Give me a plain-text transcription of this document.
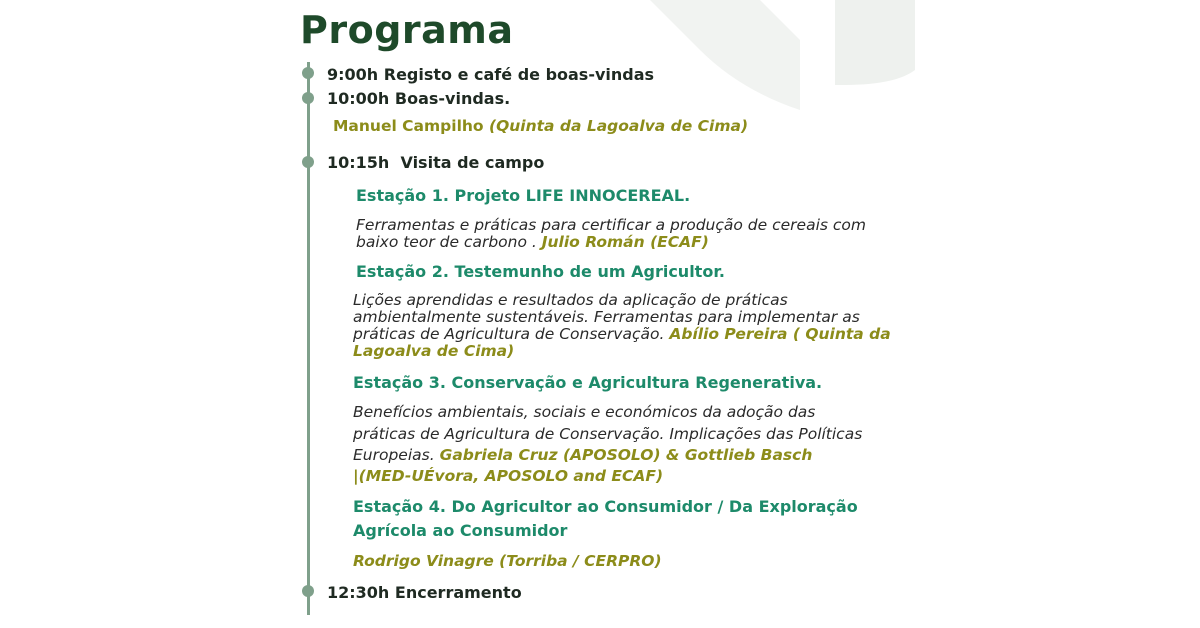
Programa
9:00h Registo e café de boas-vindas
10:00h Boas-vindas.
Manuel Campilho (Quinta da Lagoalva de Cima)
10:15h Visita de campo
Estação 1. Projeto LIFE INNOCEREAL.
Ferramentas e práticas para certificar a produção de cereais com
baixo teor de carbono . Julio Román (ECAF)
Estação 2. Testemunho de um Agricultor.
Lições aprendidas e resultados da aplicação de práticas
ambientalmente sustentáveis. Ferramentas para implementar as
práticas de Agricultura de Conservação. Abílio Pereira ( Quinta da
Lagoalva de Cima)
Estação 3. Conservação e Agricultura Regenerativa.
Benefícios ambientais, sociais e económicos da adoção das
práticas de Agricultura de Conservação. Implicações das Políticas
Europeias. Gabriela Cruz (APOSOLO) & Gottlieb Basch
|(MED-UÉvora, APOSOLO and ECAF)
Estação 4. Do Agricultor ao Consumidor / Da Exploração
Agrícola ao Consumidor
Rodrigo Vinagre (Torriba / CERPRO)
12:30h Encerramento
